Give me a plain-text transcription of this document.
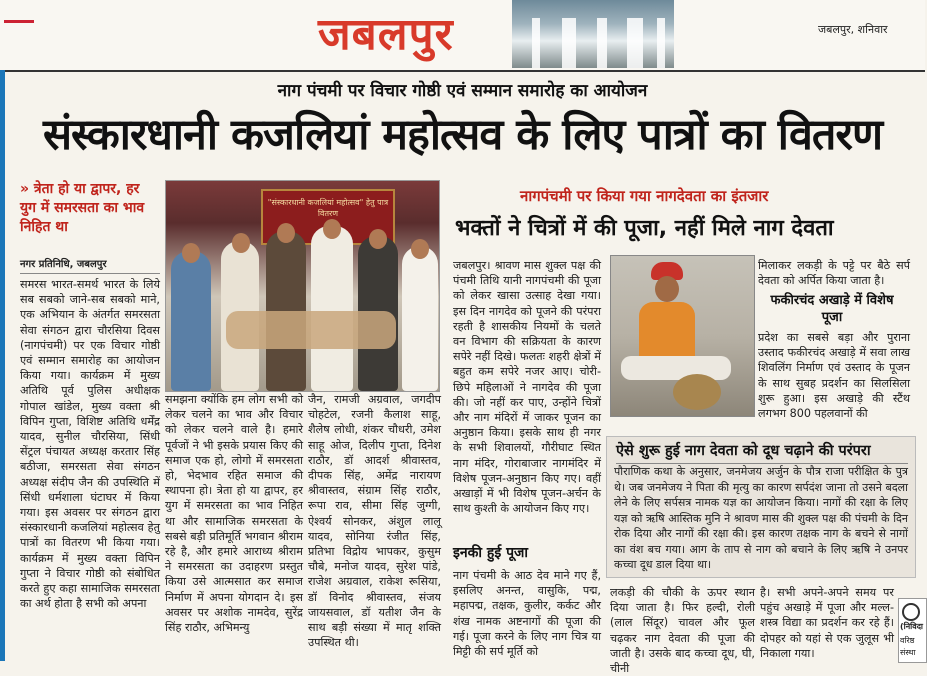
जबलपुर	जबलपुर, शनिवार
नाग पंचमी पर विचार गोष्ठी एवं सम्मान समारोह का आयोजन
संस्कारधानी कजलियां महोत्सव के लिए पात्रों का वितरण
» त्रेता हो या द्वापर, हर युग में समरसता का भाव निहित था
नगर प्रतिनिधि, जबलपुर
समरस भारत-समर्थ भारत के लिये सब सबको जाने-सब सबको माने, एक अभियान के अंतर्गत समरसता सेवा संगठन द्वारा चौरसिया दिवस (नागपंचमी) पर एक विचार गोष्ठी एवं सम्मान समारोह का आयोजन किया गया। कार्यक्रम में मुख्य अतिथि पूर्व पुलिस अधीक्षक गोपाल खांडेल, मुख्य वक्ता श्री विपिन गुप्ता, विशिष्ट अतिथि धर्मेंद्र यादव, सुनील चौरसिया, सिंधी सेंट्रल पंचायत अध्यक्ष करतार सिंह बठीजा, समरसता सेवा संगठन अध्यक्ष संदीप जैन की उपस्थिति में सिंधी धर्मशाला घंटाघर में किया गया। इस अवसर पर संगठन द्वारा संस्कारधानी कजलियां महोत्सव हेतु पात्रों का वितरण भी किया गया। कार्यक्रम में मुख्य वक्ता विपिन गुप्ता ने विचार गोष्ठी को संबोधित करते हुए कहा सामाजिक समरसता का अर्थ होता है सभी को अपना
"संस्कारधानी कजलियां महोत्सव" हेतु पात्र वितरण
समझना क्योंकि हम लोग सभी को लेकर चलने का भाव और विचार को लेकर चलने वाले है। हमारे पूर्वजों ने भी इसके प्रयास किए की समाज एक हो, लोगो में समरसता हो, भेदभाव रहित समाज की स्थापना हो। त्रेता हो या द्वापर, हर युग में समरसता का भाव निहित था और सामाजिक समरसता के सबसे बड़ी प्रतिमूर्ति भगवान श्रीराम रहे है, और हमारे आराध्य श्रीराम ने समरसता का उदाहरण प्रस्तुत किया उसे आत्मसात कर समाज निर्माण में अपना योगदान दे। इस अवसर पर अशोक नामदेव, सुरेंद्र सिंह राठौर, अभिमन्यु
जैन, रामजी अग्रवाल, जगदीप चोहटेल, रजनी कैलाश साहू, शैलेष लोधी, शंकर चौधरी, उमेश साहू ओज, दिलीप गुप्ता, दिनेश राठौर, डॉ आदर्श श्रीवास्तव, दीपक सिंह, अमेंद्र नारायण श्रीवास्तव, संग्राम सिंह राठौर, रूपा राव, सीमा सिंह जुग्गी, ऐश्वर्य सोनकर, अंशुल लालू यादव, सोनिया रंजीत सिंह, प्रतिभा विद्रोय भापकर, कुसुम चौबे, मनोज यादव, सुरेश पांडे, राजेश अग्रवाल, राकेश रूसिया, डॉ विनोद श्रीवास्तव, संजय जायसवाल, डॉ यतीश जैन के साथ बड़ी संख्या में मातृ शक्ति उपस्थित थी।
नागपंचमी पर किया गया नागदेवता का इंतजार
भक्तों ने चित्रों में की पूजा, नहीं मिले नाग देवता
जबलपुर। श्रावण मास शुक्ल पक्ष की पंचमी तिथि यानी नागपंचमी की पूजा को लेकर खासा उत्साह देखा गया। इस दिन नागदेव को पूजने की परंपरा रहती है शासकीय नियमों के चलते वन विभाग की सक्रियता के कारण सपेरे नहीं दिखे। फलतः शहरी क्षेत्रों में बहुत कम सपेरे नजर आए। चोरी-छिपे महिलाओं ने नागदेव की पूजा की। जो नहीं कर पाए, उन्होंने चित्रों और नाग मंदिरों में जाकर पूजन का अनुष्ठान किया। इसके साथ ही नगर के सभी शिवालयों, गौरीघाट स्थित नाग मंदिर, गोराबाजार नागमंदिर में विशेष पूजन-अनुष्ठान किए गए। वहीं अखाड़ों में भी विशेष पूजन-अर्चन के साथ कुश्ती के आयोजन किए गए।
इनकी हुई पूजा
नाग पंचमी के आठ देव माने गए हैं, इसलिए अनन्त, वासुकि, पद्म, महापद्म, तक्षक, कुलीर, कर्कट और शंख नामक अष्टनागों की पूजा की गई। पूजा करने के लिए नाग चित्र या मिट्टी की सर्प मूर्ति को
मिलाकर लकड़ी के पट्टे पर बैठे सर्प देवता को अर्पित किया जाता है।
फकीरचंद अखाड़े में विशेष पूजा
प्रदेश का सबसे बड़ा और पुराना उस्ताद फकीरचंद अखाड़े में सवा लाख शिवलिंग निर्माण एवं उस्ताद के पूजन के साथ सुबह प्रदर्शन का सिलसिला शुरू हुआ। इस अखाड़े की स्टैंथ लगभग 800 पहलवानों की
ऐसे शुरू हुई नाग देवता को दूध चढ़ाने की परंपरा
पौराणिक कथा के अनुसार, जनमेजय अर्जुन के पौत्र राजा परीक्षित के पुत्र थे। जब जनमेजय ने पिता की मृत्यु का कारण सर्पदंश जाना तो उसने बदला लेने के लिए सर्पसत्र नामक यज्ञ का आयोजन किया। नागों की रक्षा के लिए यज्ञ को ऋषि आस्तिक मुनि ने श्रावण मास की शुक्ल पक्ष की पंचमी के दिन रोक दिया और नागों की रक्षा की। इस कारण तक्षक नाग के बचने से नागों का वंश बच गया। आग के ताप से नाग को बचाने के लिए ऋषि ने उनपर कच्चा दूध डाल दिया था।
लकड़ी की चौकी के ऊपर स्थान दिया जाता है। फिर हल्दी, रोली (लाल सिंदूर) चावल और फूल चढ़कर नाग देवता की पूजा की जाती है। उसके बाद कच्चा दूध, घी, चीनी
है। सभी अपने-अपने समय पर पहुंच अखाड़े में पूजा और मल्ल-शस्त्र विद्या का प्रदर्शन कर रहे हैं। दोपहर को यहां से एक जुलूस भी निकाला गया।
(निविदा
वरिष्ठ
संस्था
